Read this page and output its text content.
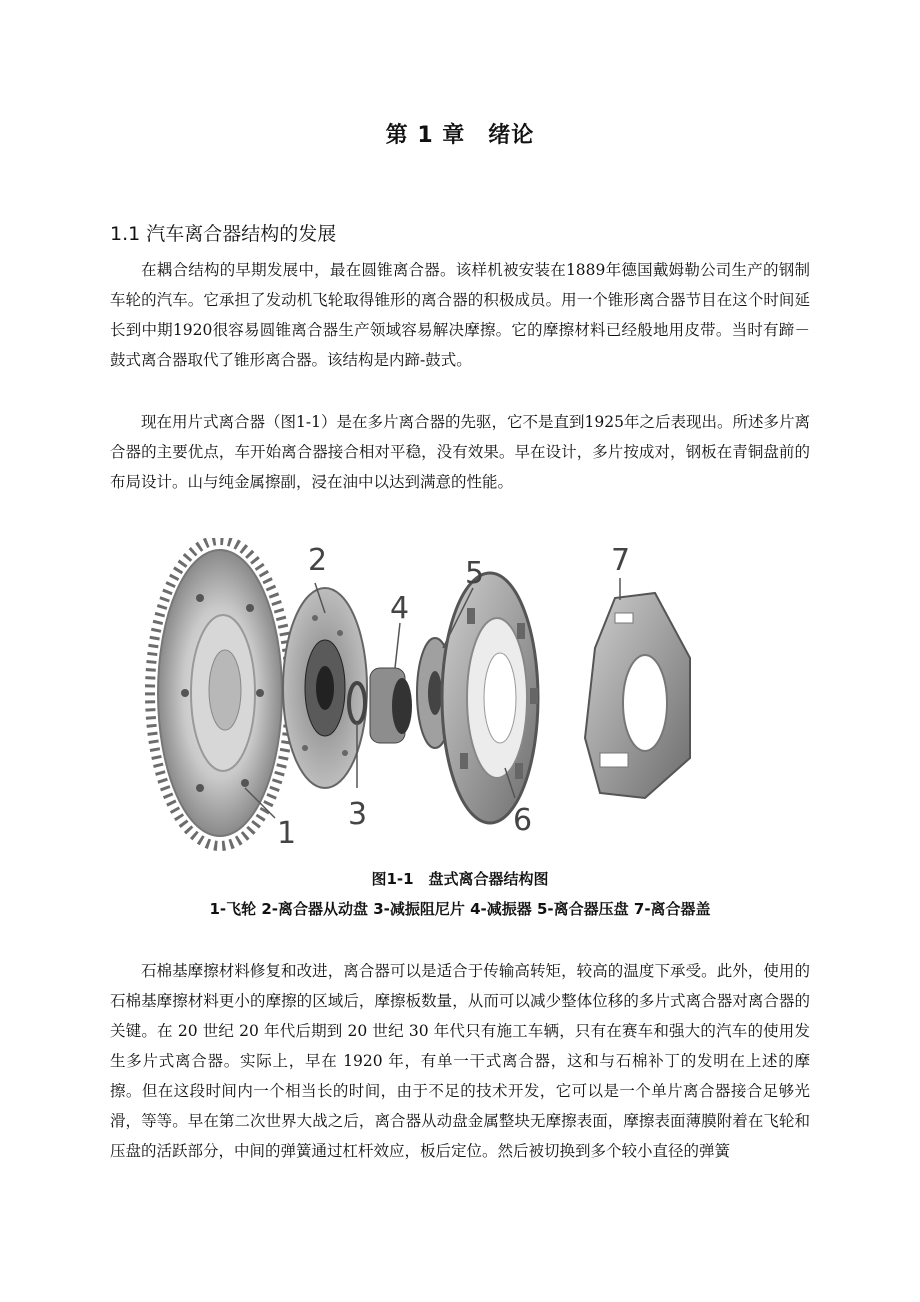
第 1 章　绪论
1.1 汽车离合器结构的发展

在耦合结构的早期发展中，最在圆锥离合器。该样机被安装在1889年德国戴姆勒公司生产的钢制车轮的汽车。它承担了发动机飞轮取得锥形的离合器的积极成员。用一个锥形离合器节目在这个时间延长到中期1920很容易圆锥离合器生产领域容易解决摩擦。它的摩擦材料已经般地用皮带。当时有蹄－鼓式离合器取代了锥形离合器。该结构是内蹄-鼓式。

现在用片式离合器（图1-1）是在多片离合器的先驱，它不是直到1925年之后表现出。所述多片离合器的主要优点，车开始离合器接合相对平稳，没有效果。早在设计，多片按成对，钢板在青铜盘前的布局设计。山与纯金属擦副，浸在油中以达到满意的性能。

1
2
3
4
5
6
7
图1-1　盘式离合器结构图
1-飞轮 2-离合器从动盘 3-减振阻尼片 4-减振器 5-离合器压盘 7-离合器盖

石棉基摩擦材料修复和改进，离合器可以是适合于传输高转矩，较高的温度下承受。此外，使用的石棉基摩擦材料更小的摩擦的区域后，摩擦板数量，从而可以减少整体位移的多片式离合器对离合器的关键。在 20 世纪 20 年代后期到 20 世纪 30 年代只有施工车辆，只有在赛车和强大的汽车的使用发生多片式离合器。实际上，早在 1920 年，有单一干式离合器，这和与石棉补丁的发明在上述的摩擦。但在这段时间内一个相当长的时间，由于不足的技术开发，它可以是一个单片离合器接合足够光滑，等等。早在第二次世界大战之后，离合器从动盘金属整块无摩擦表面，摩擦表面薄膜附着在飞轮和压盘的活跃部分，中间的弹簧通过杠杆效应，板后定位。然后被切换到多个较小直径的弹簧
